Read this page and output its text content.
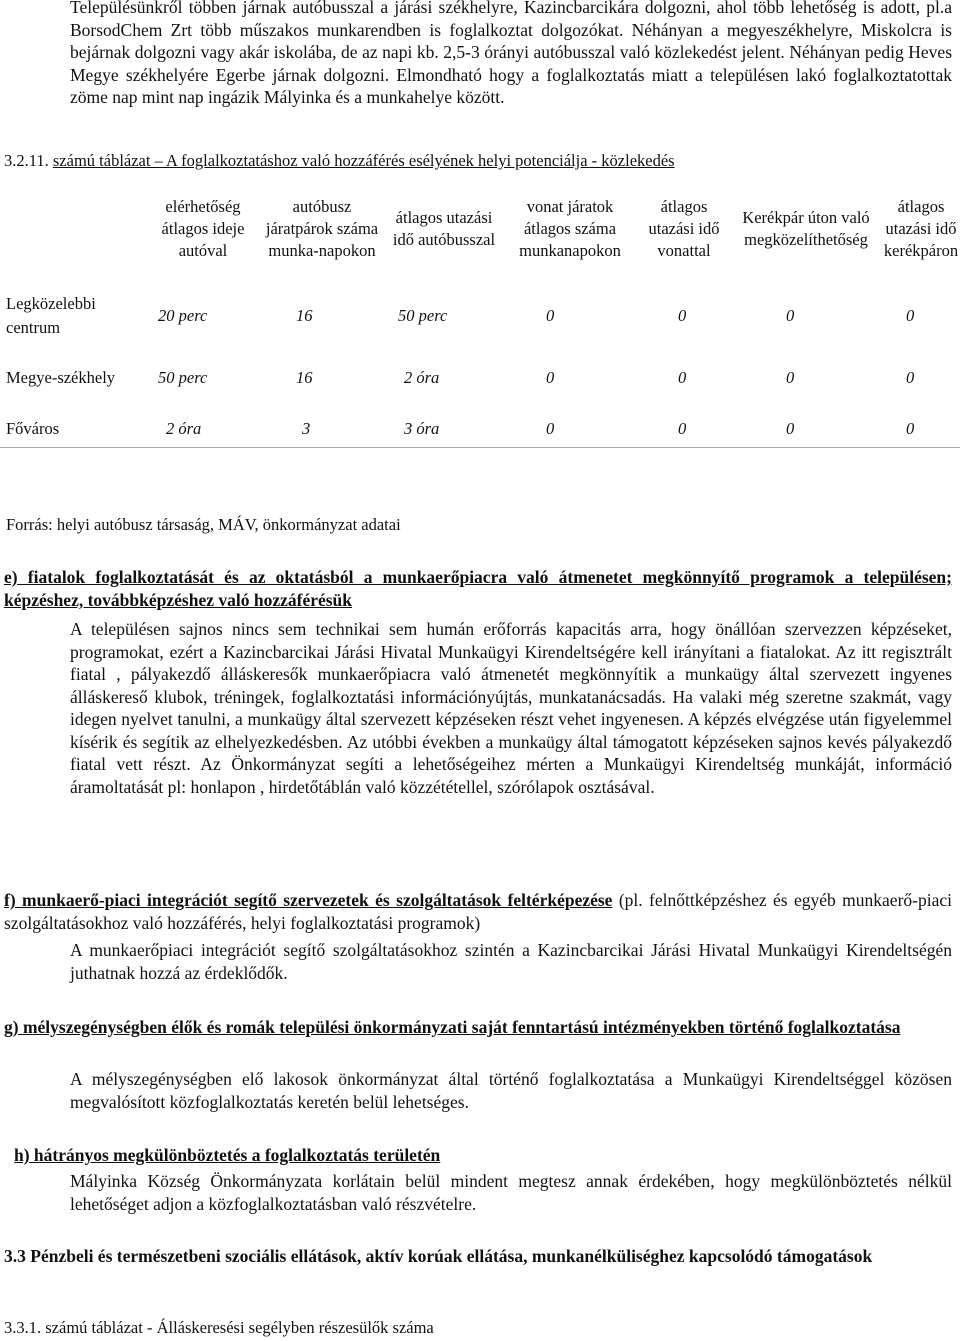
Településünkről többen járnak autóbusszal a járási székhelyre, Kazincbarcikára dolgozni, ahol több lehetőség is adott, pl.a BorsodChem Zrt több műszakos munkarendben is foglalkoztat dolgozókat. Néhányan a megyeszékhelyre, Miskolcra is bejárnak dolgozni vagy akár iskolába, de az napi kb. 2,5-3 órányi autóbusszal való közlekedést jelent. Néhányan pedig Heves Megye székhelyére Egerbe járnak dolgozni. Elmondható hogy a foglalkoztatás miatt a településen lakó foglalkoztatottak zöme nap mint nap ingázik Mályinka és a munkahelye között.
3.2.11. számú táblázat – A foglalkoztatáshoz való hozzáférés esélyének helyi potenciálja - közlekedés
	elérhetőség átlagos ideje autóval	autóbusz járatpárok száma munka-napokon	átlagos utazási idő autóbusszal	vonat járatok átlagos száma munkanapokon	átlagos utazási idő vonattal	Kerékpár úton való megközelíthetőség	átlagos utazási idő kerékpáron
Legközelebbi centrum	20 perc	16	50 perc	0	0	0	0
Megye-székhely	50 perc	16	2 óra	0	0	0	0
Főváros	2 óra	3	3 óra	0	0	0	0
Forrás: helyi autóbusz társaság, MÁV, önkormányzat adatai
e) fiatalok foglalkoztatását és az oktatásból a munkaerőpiacra való átmenetet megkönnyítő programok a településen; képzéshez, továbbképzéshez való hozzáférésük
A településen sajnos nincs sem technikai sem humán erőforrás kapacitás arra, hogy önállóan szervezzen képzéseket, programokat, ezért a Kazincbarcikai Járási Hivatal Munkaügyi Kirendeltségére kell irányítani a fiatalokat. Az itt regisztrált fiatal , pályakezdő álláskeresők munkaerőpiacra való átmenetét megkönnyítik a munkaügy által szervezett ingyenes álláskereső klubok, tréningek, foglalkoztatási információnyújtás, munkatanácsadás. Ha valaki még szeretne szakmát, vagy idegen nyelvet tanulni, a munkaügy által szervezett képzéseken részt vehet ingyenesen. A képzés elvégzése után figyelemmel kísérik és segítik az elhelyezkedésben. Az utóbbi években a munkaügy által támogatott képzéseken sajnos kevés pályakezdő fiatal vett részt. Az Önkormányzat segíti a lehetőségeihez mérten a Munkaügyi Kirendeltség munkáját, információ áramoltatását pl: honlapon , hirdetőtáblán való közzététellel, szórólapok osztásával.
f) munkaerő-piaci integrációt segítő szervezetek és szolgáltatások feltérképezése (pl. felnőttképzéshez és egyéb munkaerő-piaci szolgáltatásokhoz való hozzáférés, helyi foglalkoztatási programok)
A munkaerőpiaci integrációt segítő szolgáltatásokhoz szintén a Kazincbarcikai Járási Hivatal Munkaügyi Kirendeltségén juthatnak hozzá az érdeklődők.
g) mélyszegénységben élők és romák települési önkormányzati saját fenntartású intézményekben történő foglalkoztatása
A mélyszegénységben elő lakosok önkormányzat által történő foglalkoztatása a Munkaügyi Kirendeltséggel közösen megvalósított közfoglalkoztatás keretén belül lehetséges.
h) hátrányos megkülönböztetés a foglalkoztatás területén
Mályinka Község Önkormányzata korlátain belül mindent megtesz annak érdekében, hogy megkülönböztetés nélkül lehetőséget adjon a közfoglalkoztatásban való részvételre.
3.3 Pénzbeli és természetbeni szociális ellátások, aktív korúak ellátása, munkanélküliséghez kapcsolódó támogatások
3.3.1. számú táblázat - Álláskeresési segélyben részesülők száma
